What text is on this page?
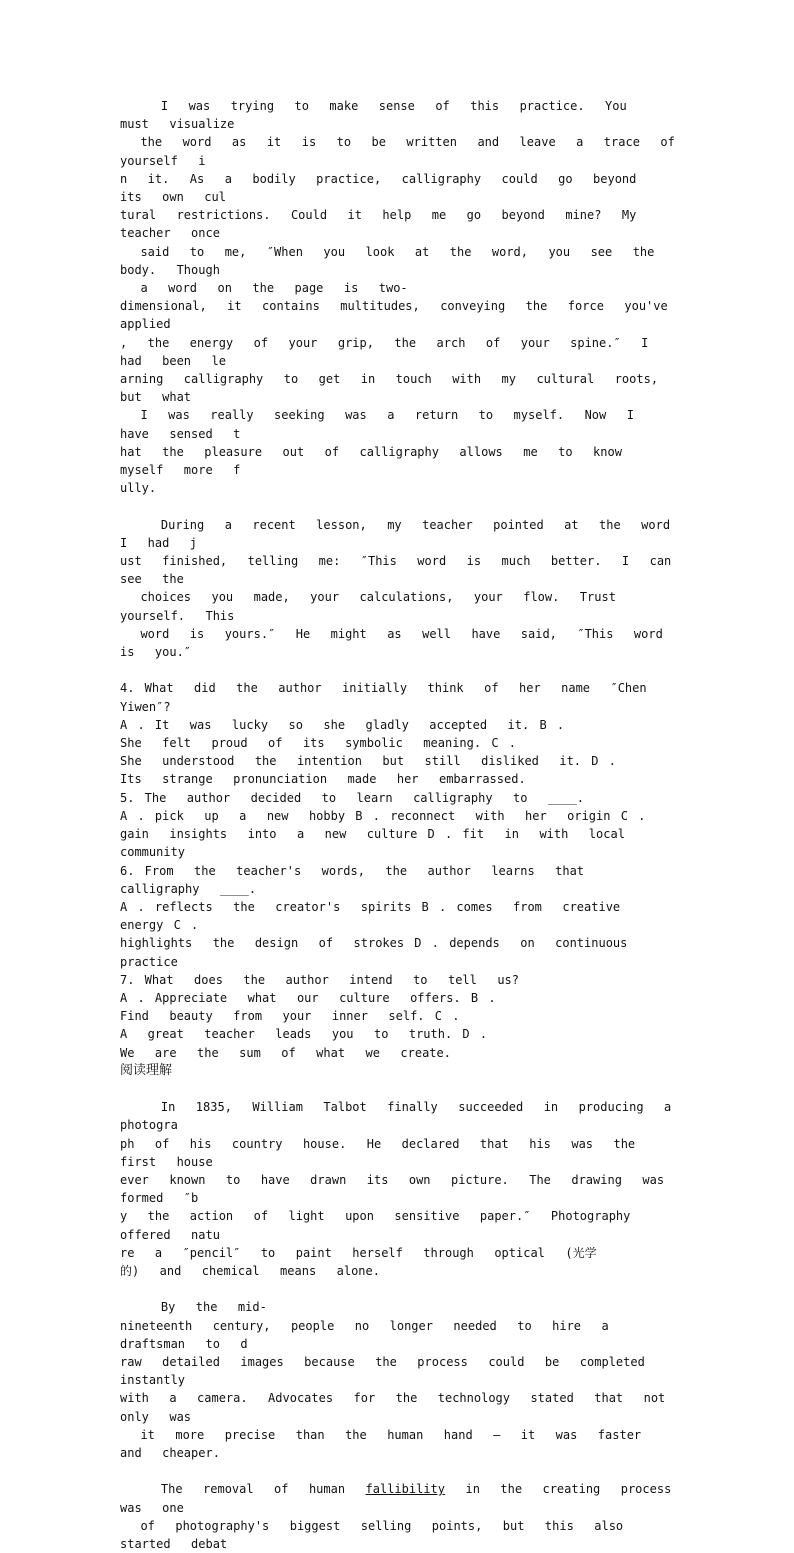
I  was  trying  to  make  sense  of  this  practice.  You  must  visualize

the  word  as  it  is  to  be  written  and  leave  a  trace  of  yourself  i

n  it.  As  a  bodily  practice,  calligraphy  could  go  beyond  its  own  cul

tural  restrictions.  Could  it  help  me  go  beyond  mine?  My  teacher  once

said  to  me,  ″When  you  look  at  the  word,  you  see  the  body.  Though

a  word  on  the  page  is  two-

dimensional,  it  contains  multitudes,  conveying  the  force  you've  applied

,  the  energy  of  your  grip,  the  arch  of  your  spine.″  I  had  been  le

arning  calligraphy  to  get  in  touch  with  my  cultural  roots,  but  what

I  was  really  seeking  was  a  return  to  myself.  Now  I  have  sensed  t

hat  the  pleasure  out  of  calligraphy  allows  me  to  know  myself  more  f

ully.

During  a  recent  lesson,  my  teacher  pointed  at  the  word  I  had  j

ust  finished,  telling  me:  ″This  word  is  much  better.  I  can  see  the

choices  you  made,  your  calculations,  your  flow.  Trust  yourself.  This

word  is  yours.″  He  might  as  well  have  said,  ″This  word  is  you.″

4. What  did  the  author  initially  think  of  her  name  ″Chen  Yiwen″?

A . It  was  lucky  so  she  gladly  accepted  it. B .

She  felt  proud  of  its  symbolic  meaning. C .

She  understood  the  intention  but  still  disliked  it. D .

Its  strange  pronunciation  made  her  embarrassed.

5. The  author  decided  to  learn  calligraphy  to  ____.

A . pick  up  a  new  hobby B . reconnect  with  her  origin C .

gain  insights  into  a  new  culture D . fit  in  with  local  community

6. From  the  teacher's  words,  the  author  learns  that  calligraphy  ____.

A . reflects  the  creator's  spirits B . comes  from  creative  energy C .

highlights  the  design  of  strokes D . depends  on  continuous  practice

7. What  does  the  author  intend  to  tell  us?

A . Appreciate  what  our  culture  offers. B .

Find  beauty  from  your  inner  self. C .

A  great  teacher  leads  you  to  truth. D .

We  are  the  sum  of  what  we  create.

阅读理解

In  1835,  William  Talbot  finally  succeeded  in  producing  a  photogra

ph  of  his  country  house.  He  declared  that  his  was  the  first  house

ever  known  to  have  drawn  its  own  picture.  The  drawing  was  formed  ″b

y  the  action  of  light  upon  sensitive  paper.″  Photography  offered  natu

re  a  ″pencil″  to  paint  herself  through  optical  (光学

的)  and  chemical  means  alone.

By  the  mid-

nineteenth  century,  people  no  longer  needed  to  hire  a  draftsman  to  d

raw  detailed  images  because  the  process  could  be  completed  instantly

with  a  camera.  Advocates  for  the  technology  stated  that  not  only  was

it  more  precise  than  the  human  hand  —  it  was  faster  and  cheaper.

The  removal  of  human  fallibility  in  the  creating  process  was  one

of  photography's  biggest  selling  points,  but  this  also  started  debat
